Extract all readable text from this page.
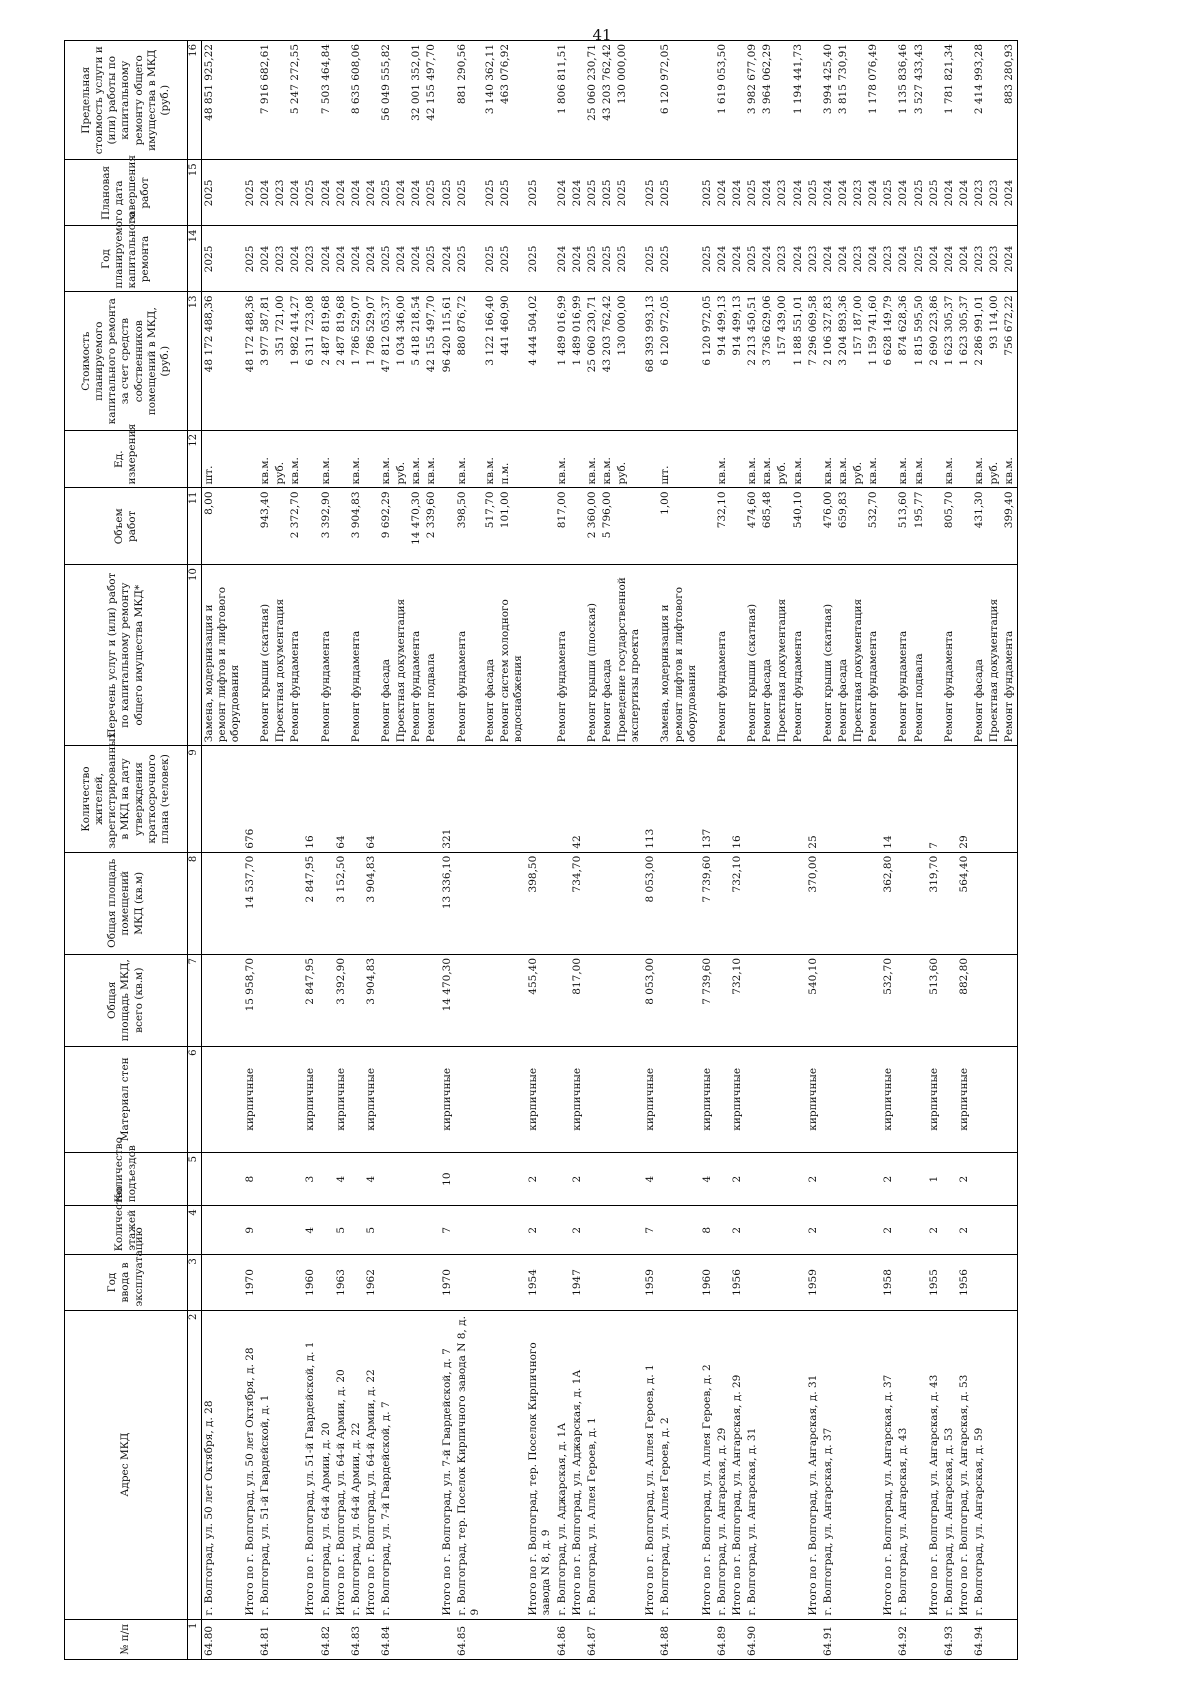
41
№ п/п	Адрес МКД	Год ввода в эксплуатацию	Количество этажей	Количество подъездов	Материал стен	Общая площадь МКД, всего (кв.м)	Общая площадь помещений МКД (кв.м)	Количество жителей, зарегистрированных в МКД на дату утверждения краткосрочного плана (человек)	Перечень услуг и (или) работ по капитальному ремонту общего имущества МКД*	Объем работ	Ед. измерения	Стоимость планируемого капитального ремонта за счет средств собственников помещений в МКД, (руб.)	Год планируемого капитального ремонта	Плановая дата завершения работ	Предельная стоимость услуги и (или) работы по капитальному ремонту общего имущества в МКД (руб.)
1	2	3	4	5	6	7	8	9	10	11	12	13	14	15	16
64.80	г. Волгоград, ул. 50 лет Октября, д. 28								Замена, модернизация и ремонт лифтов и лифтового оборудования	8,00	шт.	48 172 488,36	2025	2025	48 851 925,22
	Итого по г. Волгоград, ул. 50 лет Октября, д. 28	1970	9	8	кирпичные	15 958,70	14 537,70	676				48 172 488,36	2025	2025	
64.81	г. Волгоград, ул. 51-й Гвардейской, д. 1								Ремонт крыши (скатная)	943,40	кв.м.	3 977 587,81	2024	2024	7 916 682,61
									Проектная документация		руб.	351 721,00	2023	2023	
									Ремонт фундамента	2 372,70	кв.м.	1 982 414,27	2024	2024	5 247 272,55
	Итого по г. Волгоград, ул. 51-й Гвардейской, д. 1	1960	4	3	кирпичные	2 847,95	2 847,95	16				6 311 723,08	2023	2025	
64.82	г. Волгоград, ул. 64-й Армии, д. 20								Ремонт фундамента	3 392,90	кв.м.	2 487 819,68	2024	2024	7 503 464,84
	Итого по г. Волгоград, ул. 64-й Армии, д. 20	1963	5	4	кирпичные	3 392,90	3 152,50	64				2 487 819,68	2024	2024	
64.83	г. Волгоград, ул. 64-й Армии, д. 22								Ремонт фундамента	3 904,83	кв.м.	1 786 529,07	2024	2024	8 635 608,06
	Итого по г. Волгоград, ул. 64-й Армии, д. 22	1962	5	4	кирпичные	3 904,83	3 904,83	64				1 786 529,07	2024	2024	
64.84	г. Волгоград, ул. 7-й Гвардейской, д. 7								Ремонт фасада	9 692,29	кв.м.	47 812 053,37	2025	2025	56 049 555,82
									Проектная документация		руб.	1 034 346,00	2024	2024	
									Ремонт фундамента	14 470,30	кв.м.	5 418 218,54	2024	2024	32 001 352,01
									Ремонт подвала	2 339,60	кв.м.	42 155 497,70	2025	2025	42 155 497,70
	Итого по г. Волгоград, ул. 7-й Гвардейской, д. 7	1970	7	10	кирпичные	14 470,30	13 336,10	321				96 420 115,61	2024	2025	
64.85	г. Волгоград, тер. Поселок Кирпичного завода N 8, д. 9								Ремонт фундамента	398,50	кв.м.	880 876,72	2025	2025	881 290,56
									Ремонт фасада	517,70	кв.м.	3 122 166,40	2025	2025	3 140 362,11
									Ремонт систем холодного водоснабжения	101,00	п.м.	441 460,90	2025	2025	463 076,92
	Итого по г. Волгоград, тер. Поселок Кирпичного завода N 8, д. 9	1954	2	2	кирпичные	455,40	398,50					4 444 504,02	2025	2025	
64.86	г. Волгоград, ул. Аджарская, д. 1А								Ремонт фундамента	817,00	кв.м.	1 489 016,99	2024	2024	1 806 811,51
	Итого по г. Волгоград, ул. Аджарская, д. 1А	1947	2	2	кирпичные	817,00	734,70	42				1 489 016,99	2024	2024	
64.87	г. Волгоград, ул. Аллея Героев, д. 1								Ремонт крыши (плоская)	2 360,00	кв.м.	25 060 230,71	2025	2025	25 060 230,71
									Ремонт фасада	5 796,00	кв.м.	43 203 762,42	2025	2025	43 203 762,42
									Проведение государственной экспертизы проекта		руб.	130 000,00	2025	2025	130 000,00
	Итого по г. Волгоград, ул. Аллея Героев, д. 1	1959	7	4	кирпичные	8 053,00	8 053,00	113				68 393 993,13	2025	2025	
64.88	г. Волгоград, ул. Аллея Героев, д. 2								Замена, модернизация и ремонт лифтов и лифтового оборудования	1,00	шт.	6 120 972,05	2025	2025	6 120 972,05
	Итого по г. Волгоград, ул. Аллея Героев, д. 2	1960	8	4	кирпичные	7 739,60	7 739,60	137				6 120 972,05	2025	2025	
64.89	г. Волгоград, ул. Ангарская, д. 29								Ремонт фундамента	732,10	кв.м.	914 499,13	2024	2024	1 619 053,50
	Итого по г. Волгоград, ул. Ангарская, д. 29	1956	2	2	кирпичные	732,10	732,10	16				914 499,13	2024	2024	
64.90	г. Волгоград, ул. Ангарская, д. 31								Ремонт крыши (скатная)	474,60	кв.м.	2 213 450,51	2025	2025	3 982 677,09
									Ремонт фасада	685,48	кв.м.	3 736 629,06	2024	2024	3 964 062,29
									Проектная документация		руб.	157 439,00	2023	2023	
									Ремонт фундамента	540,10	кв.м.	1 188 551,01	2024	2024	1 194 441,73
	Итого по г. Волгоград, ул. Ангарская, д. 31	1959	2	2	кирпичные	540,10	370,00	25				7 296 069,58	2023	2025	
64.91	г. Волгоград, ул. Ангарская, д. 37								Ремонт крыши (скатная)	476,00	кв.м.	2 106 327,83	2024	2024	3 994 425,40
									Ремонт фасада	659,83	кв.м.	3 204 893,36	2024	2024	3 815 730,91
									Проектная документация		руб.	157 187,00	2023	2023	
									Ремонт фундамента	532,70	кв.м.	1 159 741,60	2024	2024	1 178 076,49
	Итого по г. Волгоград, ул. Ангарская, д. 37	1958	2	2	кирпичные	532,70	362,80	14				6 628 149,79	2023	2025	
64.92	г. Волгоград, ул. Ангарская, д. 43								Ремонт фундамента	513,60	кв.м.	874 628,36	2024	2024	1 135 836,46
									Ремонт подвала	195,77	кв.м.	1 815 595,50	2025	2025	3 527 433,43
	Итого по г. Волгоград, ул. Ангарская, д. 43	1955	2	1	кирпичные	513,60	319,70	7				2 690 223,86	2024	2025	
64.93	г. Волгоград, ул. Ангарская, д. 53								Ремонт фундамента	805,70	кв.м.	1 623 305,37	2024	2024	1 781 821,34
	Итого по г. Волгоград, ул. Ангарская, д. 53	1956	2	2	кирпичные	882,80	564,40	29				1 623 305,37	2024	2024	
64.94	г. Волгоград, ул. Ангарская, д. 59								Ремонт фасада	431,30	кв.м.	2 286 991,01	2023	2023	2 414 993,28
									Проектная документация		руб.	93 114,00	2023	2023	
									Ремонт фундамента	399,40	кв.м.	756 672,22	2024	2024	883 280,93
